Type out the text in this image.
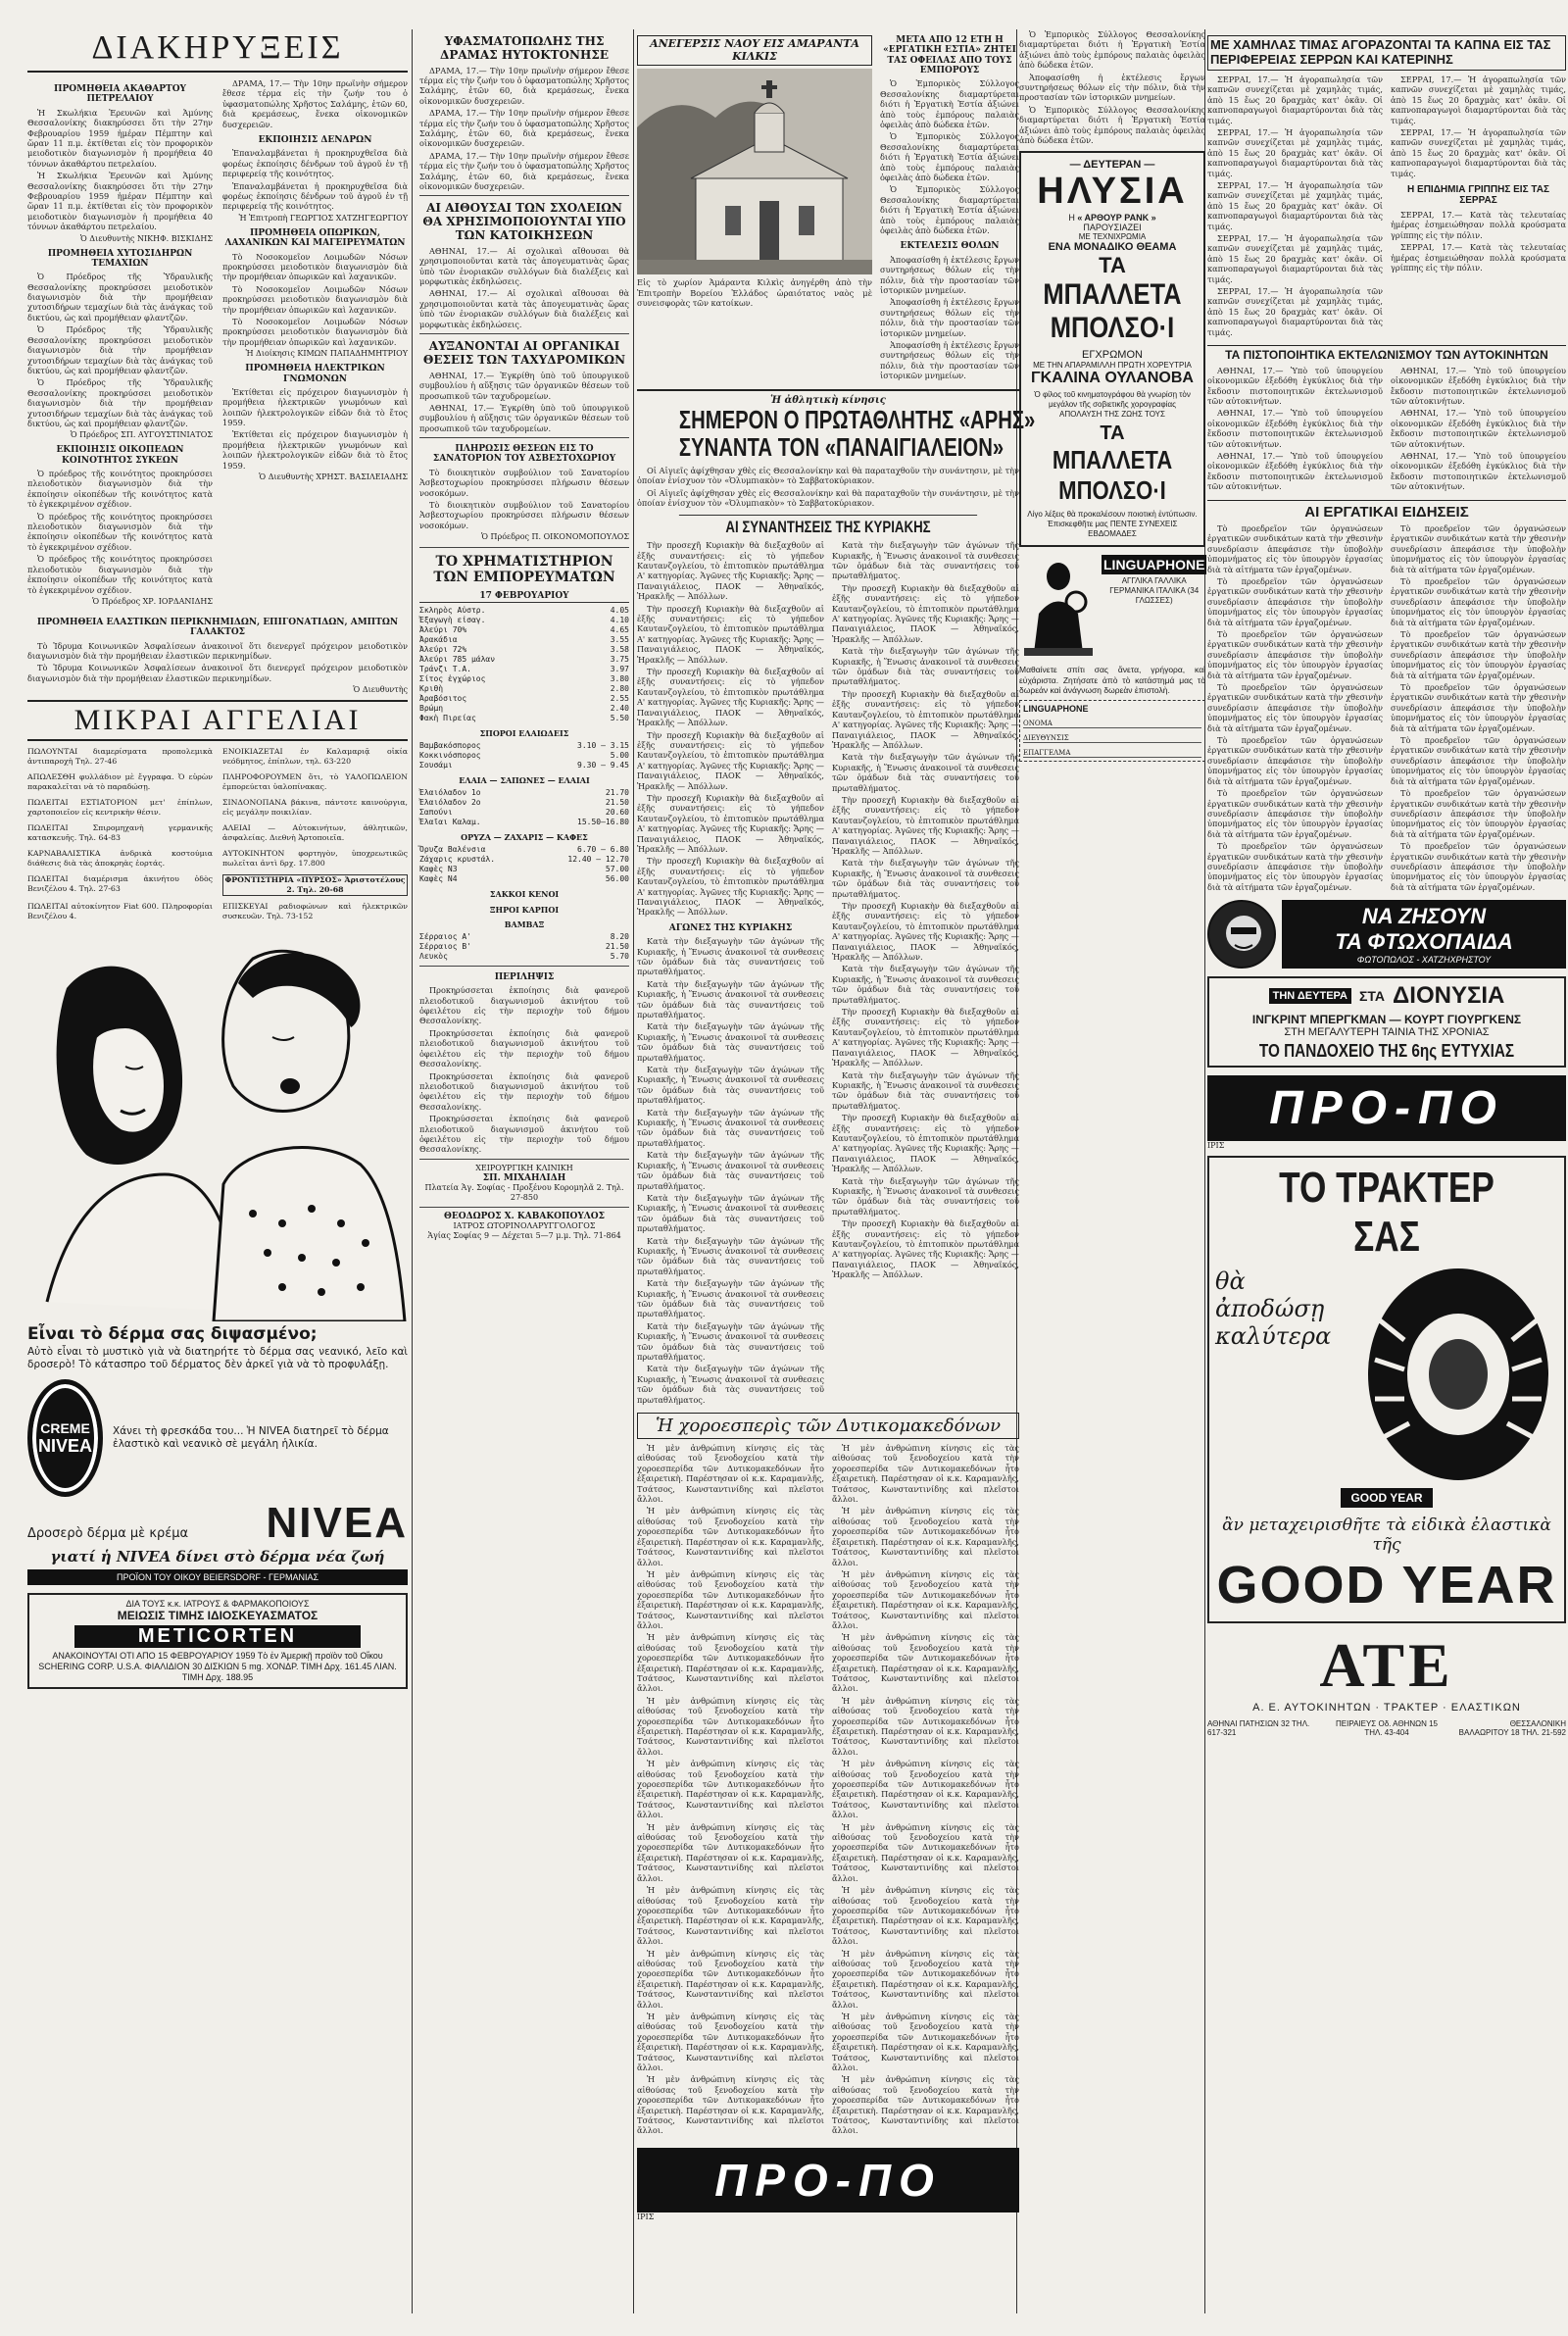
ΔΙΑΚΗΡΥΞΕΙΣ
ΠΡΟΜΗΘΕΙΑ ΑΚΑΘΑΡΤΟΥ ΠΕΤΡΕΛΑΙΟΥ

Ἡ Σκωλήκια Ἐρευνῶν καὶ Ἀμύνης Θεσσαλονίκης διακηρύσσει ὅτι τὴν 27ην Φεβρουαρίου 1959 ἡμέραν Πέμπτην καὶ ὥραν 11 π.μ. ἐκτίθεται εἰς τὸν προφορικὸν μειοδοτικὸν διαγωνισμὸν ἡ προμήθεια 40 τόννων ἀκαθάρτου πετρελαίου.

Ἡ Σκωλήκια Ἐρευνῶν καὶ Ἀμύνης Θεσσαλονίκης διακηρύσσει ὅτι τὴν 27ην Φεβρουαρίου 1959 ἡμέραν Πέμπτην καὶ ὥραν 11 π.μ. ἐκτίθεται εἰς τὸν προφορικὸν μειοδοτικὸν διαγωνισμὸν ἡ προμήθεια 40 τόννων ἀκαθάρτου πετρελαίου.

Ὁ Διευθυντὴς ΝΙΚΗΦ. ΒΙΣΚΙΔΗΣ
ΠΡΟΜΗΘΕΙΑ ΧΥΤΟΣΙΔΗΡΩΝ ΤΕΜΑΧΙΩΝ

Ὁ Πρόεδρος τῆς Ὑδραυλικῆς Θεσσαλονίκης προκηρύσσει μειοδοτικὸν διαγωνισμὸν διὰ τὴν προμήθειαν χυτοσιδήρων τεμαχίων διὰ τὰς ἀνάγκας τοῦ δικτύου, ὡς καὶ προμήθειαν φλαντζῶν.

Ὁ Πρόεδρος τῆς Ὑδραυλικῆς Θεσσαλονίκης προκηρύσσει μειοδοτικὸν διαγωνισμὸν διὰ τὴν προμήθειαν χυτοσιδήρων τεμαχίων διὰ τὰς ἀνάγκας τοῦ δικτύου, ὡς καὶ προμήθειαν φλαντζῶν.

Ὁ Πρόεδρος τῆς Ὑδραυλικῆς Θεσσαλονίκης προκηρύσσει μειοδοτικὸν διαγωνισμὸν διὰ τὴν προμήθειαν χυτοσιδήρων τεμαχίων διὰ τὰς ἀνάγκας τοῦ δικτύου, ὡς καὶ προμήθειαν φλαντζῶν.

Ὁ Πρόεδρος ΣΠ. ΑΥΓΟΥΣΤΙΝΙΑΤΟΣ
ΕΚΠΟΙΗΣΙΣ ΟΙΚΟΠΕΔΩΝ ΚΟΙΝΟΤΗΤΟΣ ΣΥΚΕΩΝ

Ὁ πρόεδρος τῆς κοινότητος προκηρύσσει πλειοδοτικὸν διαγωνισμὸν διὰ τὴν ἐκποίησιν οἰκοπέδων τῆς κοινότητος κατὰ τὸ ἐγκεκριμένον σχέδιον.

Ὁ πρόεδρος τῆς κοινότητος προκηρύσσει πλειοδοτικὸν διαγωνισμὸν διὰ τὴν ἐκποίησιν οἰκοπέδων τῆς κοινότητος κατὰ τὸ ἐγκεκριμένον σχέδιον.

Ὁ πρόεδρος τῆς κοινότητος προκηρύσσει πλειοδοτικὸν διαγωνισμὸν διὰ τὴν ἐκποίησιν οἰκοπέδων τῆς κοινότητος κατὰ τὸ ἐγκεκριμένον σχέδιον.

Ὁ Πρόεδρος ΧΡ. ΙΟΡΔΑΝΙΔΗΣ

ΔΡΑΜΑ, 17.— Τὴν 10ην πρωϊνὴν σήμερον ἔθεσε τέρμα εἰς τὴν ζωήν του ὁ ὑφασματοπώλης Χρῆστος Σαλάμης, ἐτῶν 60, διὰ κρεμάσεως, ἕνεκα οἰκονομικῶν δυσχερειῶν.

ΕΚΠΟΙΗΣΙΣ ΔΕΝΔΡΩΝ

Ἐπαναλαμβάνεται ἡ προκηρυχθεῖσα διὰ φορέως ἐκποίησις δένδρων τοῦ ἀγροῦ ἐν τῇ περιφερείᾳ τῆς κοινότητος.

Ἐπαναλαμβάνεται ἡ προκηρυχθεῖσα διὰ φορέως ἐκποίησις δένδρων τοῦ ἀγροῦ ἐν τῇ περιφερείᾳ τῆς κοινότητος.

Ἡ Ἐπιτροπὴ ΓΕΩΡΓΙΟΣ ΧΑΤΖΗΓΕΩΡΓΙΟΥ
ΠΡΟΜΗΘΕΙΑ ΟΠΩΡΙΚΩΝ, ΛΑΧΑΝΙΚΩΝ ΚΑΙ ΜΑΓΕΙΡΕΥΜΑΤΩΝ

Τὸ Νοσοκομεῖον Λοιμωδῶν Νόσων προκηρύσσει μειοδοτικὸν διαγωνισμὸν διὰ τὴν προμήθειαν ὀπωρικῶν καὶ λαχανικῶν.

Τὸ Νοσοκομεῖον Λοιμωδῶν Νόσων προκηρύσσει μειοδοτικὸν διαγωνισμὸν διὰ τὴν προμήθειαν ὀπωρικῶν καὶ λαχανικῶν.

Τὸ Νοσοκομεῖον Λοιμωδῶν Νόσων προκηρύσσει μειοδοτικὸν διαγωνισμὸν διὰ τὴν προμήθειαν ὀπωρικῶν καὶ λαχανικῶν.

Ἡ Διοίκησις ΚΙΜΩΝ ΠΑΠΑΔΗΜΗΤΡΙΟΥ
ΠΡΟΜΗΘΕΙΑ ΗΛΕΚΤΡΙΚΩΝ ΓΝΩΜΟΝΩΝ

Ἐκτίθεται εἰς πρόχειρον διαγωνισμὸν ἡ προμήθεια ἠλεκτρικῶν γνωμόνων καὶ λοιπῶν ἠλεκτρολογικῶν εἰδῶν διὰ τὸ ἔτος 1959.

Ἐκτίθεται εἰς πρόχειρον διαγωνισμὸν ἡ προμήθεια ἠλεκτρικῶν γνωμόνων καὶ λοιπῶν ἠλεκτρολογικῶν εἰδῶν διὰ τὸ ἔτος 1959.

Ὁ Διευθυντὴς ΧΡΗΣΤ. ΒΑΣΙΛΕΙΑΔΗΣ
ΠΡΟΜΗΘΕΙΑ ΕΛΑΣΤΙΚΩΝ ΠΕΡΙΚΝΗΜΙΔΩΝ, ΕΠΙΓΟΝΑΤΙΔΩΝ, ΑΜΠΤΩΝ ΓΑΛΑΚΤΟΣ

Τὸ Ἰδρυμα Κοινωνικῶν Ἀσφαλίσεων ἀνακοινοῖ ὅτι διενεργεῖ πρόχειρον μειοδοτικὸν διαγωνισμὸν διὰ τὴν προμήθειαν ἐλαστικῶν περικνημίδων.

Τὸ Ἰδρυμα Κοινωνικῶν Ἀσφαλίσεων ἀνακοινοῖ ὅτι διενεργεῖ πρόχειρον μειοδοτικὸν διαγωνισμὸν διὰ τὴν προμήθειαν ἐλαστικῶν περικνημίδων.

Ὁ Διευθυντὴς
ΜΙΚΡΑΙ ΑΓΓΕΛΙΑΙ
ΠΩΛΟΥΝΤΑΙ διαμερίσματα προπολεμικὰ ἀντιπαροχὴ Τηλ. 27-46
ΕΝΟΙΚΙΑΖΕΤΑΙ ἐν Καλαμαριᾷ οἰκία νεόδμητος, ἐπίπλων, τηλ. 63-220
ΑΠΩΛΕΣΘΗ φυλλάδιον μὲ ἔγγραφα. Ὁ εὑρὼν παρακαλεῖται νὰ τὸ παραδώσῃ.
ΠΛΗΡΟΦΟΡΟΥΜΕΝ ὅτι, τὸ ΥΑΛΟΠΩΛΕΙΟΝ ἐμπορεύεται ὑαλοπίνακας.
ΠΩΛΕΙΤΑΙ ΕΣΤΙΑΤΟΡΙΟΝ μετ' ἐπίπλων, χαρτοποιεῖον εἰς κεντρικὴν θέσιν.
ΣΙΝΔΟΝΟΠΑΝΑ βάκινα, πάντοτε καινούργια, εἰς μεγάλην ποικιλίαν.
ΠΩΛΕΙΤΑΙ Σπιρομηχανὴ γερμανικῆς κατασκευῆς. Τηλ. 64-83
ΑΛΕΙΑΙ — Αὐτοκινήτων, ἀθλητικῶν, ἀσφαλείας. Διεθνὴ Ἀρτοποιεῖα.
ΚΑΡΝΑΒΑΛΙΣΤΙΚΑ ἀνδρικὰ κοστούμια διάθεσις διὰ τὰς ἀποκρηὰς ἑορτάς.
ΑΥΤΟΚΙΝΗΤΟΝ φορτηγὸν, ὑποχρεωτικῶς πωλεῖται ἀντὶ δρχ. 17.800
ΠΩΛΕΙΤΑΙ διαμέρισμα ἀκινήτου ὁδὸς Βενιζέλου 4. Τηλ. 27-63
ΦΡΟΝΤΙΣΤΗΡΙΑ «ΠΥΡΣΟΣ» Ἀριστοτέλους 2. Τηλ. 20-68
ΠΩΛΕΙΤΑΙ αὐτοκίνητον Fiat 600. Πληροφορίαι Βενιζέλου 4.
ΕΠΙΣΚΕΥΑΙ ραδιοφώνων καὶ ἠλεκτρικῶν συσκευῶν. Τηλ. 73-152
Εἶναι τὸ δέρμα σας διψασμένο;
Αὐτὸ εἶναι τὸ μυστικὸ γιὰ νὰ διατηρήτε τὸ δέρμα σας νεανικό, λεῖο καὶ δροσερὸ! Τὸ κάτασπρο τοῦ δέρματος δὲν ἀρκεῖ γιὰ νὰ τὸ προφυλάξῃ.
CREME
NIVEA
Χάνει τὴ φρεσκάδα του... Ἡ NIVEA διατηρεῖ τὸ δέρμα ἐλαστικὸ καὶ νεανικὸ σὲ μεγάλη ἡλικία.
Δροσερὸ δέρμα μὲ κρέμα NIVEA
γιατί ἡ NIVEA δίνει στὸ δέρμα νέα ζωή
ΠΡΟΪΟΝ ΤΟΥ ΟΙΚΟΥ BEIERSDORF - ΓΕΡΜΑΝΙΑΣ
ΔΙΑ ΤΟΥΣ κ.κ. ΙΑΤΡΟΥΣ & ΦΑΡΜΑΚΟΠΟΙΟΥΣ
ΜΕΙΩΣΙΣ ΤΙΜΗΣ ΙΔΙΟΣΚΕΥΑΣΜΑΤΟΣ
METICORTEN
ΑΝΑΚΟΙΝΟΥΤΑΙ ΟΤΙ ΑΠΟ 15 ΦΕΒΡΟΥΑΡΙΟΥ 1959 Τὸ ἐν Ἀμερικῇ προϊὸν τοῦ Οἴκου SCHERING CORP. U.S.A. ΦΙΑΛΙΔΙΟΝ 30 ΔΙΣΚΙΩΝ 5 mg. ΧΟΝΔΡ. ΤΙΜΗ Δρχ. 161.45 ΛΙΑΝ. ΤΙΜΗ Δρχ. 188.95
ΥΦΑΣΜΑΤΟΠΩΛΗΣ ΤΗΣ ΔΡΑΜΑΣ ΗΥΤΟΚΤΟΝΗΣΕ

ΔΡΑΜΑ, 17.— Τὴν 10ην πρωϊνὴν σήμερον ἔθεσε τέρμα εἰς τὴν ζωήν του ὁ ὑφασματοπώλης Χρῆστος Σαλάμης, ἐτῶν 60, διὰ κρεμάσεως, ἕνεκα οἰκονομικῶν δυσχερειῶν.

ΔΡΑΜΑ, 17.— Τὴν 10ην πρωϊνὴν σήμερον ἔθεσε τέρμα εἰς τὴν ζωήν του ὁ ὑφασματοπώλης Χρῆστος Σαλάμης, ἐτῶν 60, διὰ κρεμάσεως, ἕνεκα οἰκονομικῶν δυσχερειῶν.

ΔΡΑΜΑ, 17.— Τὴν 10ην πρωϊνὴν σήμερον ἔθεσε τέρμα εἰς τὴν ζωήν του ὁ ὑφασματοπώλης Χρῆστος Σαλάμης, ἐτῶν 60, διὰ κρεμάσεως, ἕνεκα οἰκονομικῶν δυσχερειῶν.

ΑΙ ΑΙΘΟΥΣΑΙ ΤΩΝ ΣΧΟΛΕΙΩΝ ΘΑ ΧΡΗΣΙΜΟΠΟΙΟΥΝΤΑΙ ΥΠΟ ΤΩΝ ΚΑΤΟΙΚΗΣΕΩΝ

ΑΘΗΝΑΙ, 17.— Αἱ σχολικαὶ αἴθουσαι θὰ χρησιμοποιοῦνται κατὰ τὰς ἀπογευματινὰς ὥρας ὑπὸ τῶν ἐνοριακῶν συλλόγων διὰ διαλέξεις καὶ μορφωτικὰς ἐκδηλώσεις.

ΑΘΗΝΑΙ, 17.— Αἱ σχολικαὶ αἴθουσαι θὰ χρησιμοποιοῦνται κατὰ τὰς ἀπογευματινὰς ὥρας ὑπὸ τῶν ἐνοριακῶν συλλόγων διὰ διαλέξεις καὶ μορφωτικὰς ἐκδηλώσεις.

ΑΥΞΑΝΟΝΤΑΙ ΑΙ ΟΡΓΑΝΙΚΑΙ ΘΕΣΕΙΣ ΤΩΝ ΤΑΧΥΔΡΟΜΙΚΩΝ

ΑΘΗΝΑΙ, 17.— Ἐγκρίθη ὑπὸ τοῦ ὑπουργικοῦ συμβουλίου ἡ αὔξησις τῶν ὀργανικῶν θέσεων τοῦ προσωπικοῦ τῶν ταχυδρομείων.

ΑΘΗΝΑΙ, 17.— Ἐγκρίθη ὑπὸ τοῦ ὑπουργικοῦ συμβουλίου ἡ αὔξησις τῶν ὀργανικῶν θέσεων τοῦ προσωπικοῦ τῶν ταχυδρομείων.

ΠΛΗΡΩΣΙΣ ΘΕΣΕΩΝ ΕΙΣ ΤΟ ΣΑΝΑΤΟΡΙΟΝ ΤΟΥ ΑΣΒΕΣΤΟΧΩΡΙΟΥ

Τὸ διοικητικὸν συμβούλιον τοῦ Σανατορίου Ἀσβεστοχωρίου προκηρύσσει πλήρωσιν θέσεων νοσοκόμων.

Τὸ διοικητικὸν συμβούλιον τοῦ Σανατορίου Ἀσβεστοχωρίου προκηρύσσει πλήρωσιν θέσεων νοσοκόμων.

Ὁ Πρόεδρος Π. ΟΙΚΟΝΟΜΟΠΟΥΛΟΣ
ΤΟ ΧΡΗΜΑΤΙΣΤΗΡΙΟΝ ΤΩΝ ΕΜΠΟΡΕΥΜΑΤΩΝ
17 ΦΕΒΡΟΥΑΡΙΟΥ
Σκληρὸς Αὐστρ.	4.05
Ἐξαγωγὴ εἰσαγ.	4.10
Ἀλεύρι 70%	4.65
Ἀρακάδια	3.55
Ἀλεύρι 72%	3.58
Ἀλεύρι 785 μάλαν	3.75
Τράνζι Τ.Α.	3.97
Σίτος ἐγχώριος	3.80
Κριθὴ	2.80
Ἀραβόσιτος	2.55
Βρώμη	2.40
Φακὴ Πιρείας	5.50
ΣΠΟΡΟΙ ΕΛΑΙΩΔΕΙΣ
Βαμβακόσπορος	3.10 — 3.15
Κοκκινόσπορος	5.00
Σουσάμι	9.30 — 9.45
ΕΛΑΙΑ — ΣΑΠΩΝΕΣ — ΕΛΑΙΑΙ
Ἐλαιόλαδον 1ο	21.70
Ἐλαιόλαδον 2ο	21.50
Σαπούνι	20.60
Ἐλαῖαι Καλαμ.	15.50—16.80
ΟΡΥΖΑ — ΖΑΧΑΡΙΣ — ΚΑΦΕΣ
Ὄρυζα Βαλένσια	6.70 — 6.80
Ζάχαρις κρυστάλ.	12.40 — 12.70
Καφὲς Ν3	57.00
Καφὲς Ν4	56.00
ΣΑΚΚΟΙ ΚΕΝΟΙ
ΞΗΡΟΙ ΚΑΡΠΟΙ
ΒΑΜΒΑΞ
Σέρραιος Α'	8.20
Σέρραιος Β'	21.50
Λευκὸς	5.70
ΠΕΡΙΛΗΨΙΣ

Προκηρύσσεται ἐκποίησις διὰ φανεροῦ πλειοδοτικοῦ διαγωνισμοῦ ἀκινήτου τοῦ ὀφειλέτου εἰς τὴν περιοχὴν τοῦ δήμου Θεσσαλονίκης.

Προκηρύσσεται ἐκποίησις διὰ φανεροῦ πλειοδοτικοῦ διαγωνισμοῦ ἀκινήτου τοῦ ὀφειλέτου εἰς τὴν περιοχὴν τοῦ δήμου Θεσσαλονίκης.

Προκηρύσσεται ἐκποίησις διὰ φανεροῦ πλειοδοτικοῦ διαγωνισμοῦ ἀκινήτου τοῦ ὀφειλέτου εἰς τὴν περιοχὴν τοῦ δήμου Θεσσαλονίκης.

Προκηρύσσεται ἐκποίησις διὰ φανεροῦ πλειοδοτικοῦ διαγωνισμοῦ ἀκινήτου τοῦ ὀφειλέτου εἰς τὴν περιοχὴν τοῦ δήμου Θεσσαλονίκης.

ΧΕΙΡΟΥΡΓΙΚΗ ΚΛΙΝΙΚΗ
ΣΠ. ΜΙΧΑΗΛΙΔΗ
Πλατεία Ἁγ. Σοφίας - Προξένου Κορομηλᾶ 2. Τηλ. 27-850
ΘΕΟΔΩΡΟΣ Χ. ΚΑΒΑΚΟΠΟΥΛΟΣ
ΙΑΤΡΟΣ ΩΤΟΡΙΝΟΛΑΡΥΓΓΟΛΟΓΟΣ
Ἁγίας Σοφίας 9 — Δέχεται 5—7 μ.μ. Τηλ. 71-864
ΑΝΕΓΕΡΣΙΣ ΝΑΟΥ ΕΙΣ ΑΜΑΡΑΝΤΑ ΚΙΛΚΙΣ
Εἰς τὸ χωρίον Ἀμάραντα Κιλκὶς ἀνηγέρθη ἀπὸ τὴν Ἐπιτροπὴν Βορείου Ἑλλάδος ὡραιότατος ναὸς μὲ συνεισφορὰς τῶν κατοίκων.
ΜΕΤΑ ΑΠΟ 12 ΕΤΗ Η «ΕΡΓΑΤΙΚΗ ΕΣΤΙΑ» ΖΗΤΕΙ ΤΑΣ ΟΦΕΙΛΑΣ ΑΠΟ ΤΟΥΣ ΕΜΠΟΡΟΥΣ

Ὁ Ἐμπορικὸς Σύλλογος Θεσσαλονίκης διαμαρτύρεται διότι ἡ Ἐργατικὴ Ἑστία ἀξιώνει ἀπὸ τοὺς ἐμπόρους παλαιὰς ὀφειλὰς ἀπὸ δώδεκα ἐτῶν.

Ὁ Ἐμπορικὸς Σύλλογος Θεσσαλονίκης διαμαρτύρεται διότι ἡ Ἐργατικὴ Ἑστία ἀξιώνει ἀπὸ τοὺς ἐμπόρους παλαιὰς ὀφειλὰς ἀπὸ δώδεκα ἐτῶν.

Ὁ Ἐμπορικὸς Σύλλογος Θεσσαλονίκης διαμαρτύρεται διότι ἡ Ἐργατικὴ Ἑστία ἀξιώνει ἀπὸ τοὺς ἐμπόρους παλαιὰς ὀφειλὰς ἀπὸ δώδεκα ἐτῶν.

ΕΚΤΕΛΕΣΙΣ ΘΟΛΩΝ

Ἀποφασίσθη ἡ ἐκτέλεσις ἔργων συντηρήσεως θόλων εἰς τὴν πόλιν, διὰ τὴν προστασίαν τῶν ἱστορικῶν μνημείων.

Ἀποφασίσθη ἡ ἐκτέλεσις ἔργων συντηρήσεως θόλων εἰς τὴν πόλιν, διὰ τὴν προστασίαν τῶν ἱστορικῶν μνημείων.

Ἀποφασίσθη ἡ ἐκτέλεσις ἔργων συντηρήσεως θόλων εἰς τὴν πόλιν, διὰ τὴν προστασίαν τῶν ἱστορικῶν μνημείων.

Ἡ ἀθλητικὴ κίνησις
ΣΗΜΕΡΟΝ Ο ΠΡΩΤΑΘΛΗΤΗΣ «ΑΡΗΣ»
ΣΥΝΑΝΤΑ ΤΟΝ «ΠΑΝΑΙΓΙΑΛΕΙΟΝ»

Οἱ Αἰγιεῖς ἀφίχθησαν χθὲς εἰς Θεσσαλονίκην καὶ θὰ παραταχθοῦν τὴν συνάντησιν, μὲ τὴν ὁποίαν ἐνίσχυον τὸν «Ὀλυμπιακὸν» τὸ Σαββατοκύριακον.

Οἱ Αἰγιεῖς ἀφίχθησαν χθὲς εἰς Θεσσαλονίκην καὶ θὰ παραταχθοῦν τὴν συνάντησιν, μὲ τὴν ὁποίαν ἐνίσχυον τὸν «Ὀλυμπιακὸν» τὸ Σαββατοκύριακον.

ΑΙ ΣΥΝΑΝΤΗΣΕΙΣ ΤΗΣ ΚΥΡΙΑΚΗΣ

Τὴν προσεχῆ Κυριακὴν θὰ διεξαχθοῦν αἱ ἑξῆς συναντήσεις: εἰς τὸ γήπεδον Καυτανζογλείου, τὸ ἐπιτοπικὸν πρωτάθλημα Α' κατηγορίας. Ἀγῶνες τῆς Κυριακῆς: Ἄρης — Παναιγιάλειος, ΠΑΟΚ — Ἀθηναϊκός, Ἠρακλῆς — Ἀπόλλων.

Τὴν προσεχῆ Κυριακὴν θὰ διεξαχθοῦν αἱ ἑξῆς συναντήσεις: εἰς τὸ γήπεδον Καυτανζογλείου, τὸ ἐπιτοπικὸν πρωτάθλημα Α' κατηγορίας. Ἀγῶνες τῆς Κυριακῆς: Ἄρης — Παναιγιάλειος, ΠΑΟΚ — Ἀθηναϊκός, Ἠρακλῆς — Ἀπόλλων.

Τὴν προσεχῆ Κυριακὴν θὰ διεξαχθοῦν αἱ ἑξῆς συναντήσεις: εἰς τὸ γήπεδον Καυτανζογλείου, τὸ ἐπιτοπικὸν πρωτάθλημα Α' κατηγορίας. Ἀγῶνες τῆς Κυριακῆς: Ἄρης — Παναιγιάλειος, ΠΑΟΚ — Ἀθηναϊκός, Ἠρακλῆς — Ἀπόλλων.

Τὴν προσεχῆ Κυριακὴν θὰ διεξαχθοῦν αἱ ἑξῆς συναντήσεις: εἰς τὸ γήπεδον Καυτανζογλείου, τὸ ἐπιτοπικὸν πρωτάθλημα Α' κατηγορίας. Ἀγῶνες τῆς Κυριακῆς: Ἄρης — Παναιγιάλειος, ΠΑΟΚ — Ἀθηναϊκός, Ἠρακλῆς — Ἀπόλλων.

Τὴν προσεχῆ Κυριακὴν θὰ διεξαχθοῦν αἱ ἑξῆς συναντήσεις: εἰς τὸ γήπεδον Καυτανζογλείου, τὸ ἐπιτοπικὸν πρωτάθλημα Α' κατηγορίας. Ἀγῶνες τῆς Κυριακῆς: Ἄρης — Παναιγιάλειος, ΠΑΟΚ — Ἀθηναϊκός, Ἠρακλῆς — Ἀπόλλων.

Τὴν προσεχῆ Κυριακὴν θὰ διεξαχθοῦν αἱ ἑξῆς συναντήσεις: εἰς τὸ γήπεδον Καυτανζογλείου, τὸ ἐπιτοπικὸν πρωτάθλημα Α' κατηγορίας. Ἀγῶνες τῆς Κυριακῆς: Ἄρης — Παναιγιάλειος, ΠΑΟΚ — Ἀθηναϊκός, Ἠρακλῆς — Ἀπόλλων.

ΑΓΩΝΕΣ ΤΗΣ ΚΥΡΙΑΚΗΣ

Κατὰ τὴν διεξαγωγὴν τῶν ἀγώνων τῆς Κυριακῆς, ἡ Ἕνωσις ἀνακοινοῖ τὰ συνθεσεις τῶν ὁμάδων διὰ τὰς συναντήσεις τοῦ πρωταθλήματος.

Κατὰ τὴν διεξαγωγὴν τῶν ἀγώνων τῆς Κυριακῆς, ἡ Ἕνωσις ἀνακοινοῖ τὰ συνθεσεις τῶν ὁμάδων διὰ τὰς συναντήσεις τοῦ πρωταθλήματος.

Κατὰ τὴν διεξαγωγὴν τῶν ἀγώνων τῆς Κυριακῆς, ἡ Ἕνωσις ἀνακοινοῖ τὰ συνθεσεις τῶν ὁμάδων διὰ τὰς συναντήσεις τοῦ πρωταθλήματος.

Κατὰ τὴν διεξαγωγὴν τῶν ἀγώνων τῆς Κυριακῆς, ἡ Ἕνωσις ἀνακοινοῖ τὰ συνθεσεις τῶν ὁμάδων διὰ τὰς συναντήσεις τοῦ πρωταθλήματος.

Κατὰ τὴν διεξαγωγὴν τῶν ἀγώνων τῆς Κυριακῆς, ἡ Ἕνωσις ἀνακοινοῖ τὰ συνθεσεις τῶν ὁμάδων διὰ τὰς συναντήσεις τοῦ πρωταθλήματος.

Κατὰ τὴν διεξαγωγὴν τῶν ἀγώνων τῆς Κυριακῆς, ἡ Ἕνωσις ἀνακοινοῖ τὰ συνθεσεις τῶν ὁμάδων διὰ τὰς συναντήσεις τοῦ πρωταθλήματος.

Κατὰ τὴν διεξαγωγὴν τῶν ἀγώνων τῆς Κυριακῆς, ἡ Ἕνωσις ἀνακοινοῖ τὰ συνθεσεις τῶν ὁμάδων διὰ τὰς συναντήσεις τοῦ πρωταθλήματος.

Κατὰ τὴν διεξαγωγὴν τῶν ἀγώνων τῆς Κυριακῆς, ἡ Ἕνωσις ἀνακοινοῖ τὰ συνθεσεις τῶν ὁμάδων διὰ τὰς συναντήσεις τοῦ πρωταθλήματος.

Κατὰ τὴν διεξαγωγὴν τῶν ἀγώνων τῆς Κυριακῆς, ἡ Ἕνωσις ἀνακοινοῖ τὰ συνθεσεις τῶν ὁμάδων διὰ τὰς συναντήσεις τοῦ πρωταθλήματος.

Κατὰ τὴν διεξαγωγὴν τῶν ἀγώνων τῆς Κυριακῆς, ἡ Ἕνωσις ἀνακοινοῖ τὰ συνθεσεις τῶν ὁμάδων διὰ τὰς συναντήσεις τοῦ πρωταθλήματος.

Κατὰ τὴν διεξαγωγὴν τῶν ἀγώνων τῆς Κυριακῆς, ἡ Ἕνωσις ἀνακοινοῖ τὰ συνθεσεις τῶν ὁμάδων διὰ τὰς συναντήσεις τοῦ πρωταθλήματος.

Κατὰ τὴν διεξαγωγὴν τῶν ἀγώνων τῆς Κυριακῆς, ἡ Ἕνωσις ἀνακοινοῖ τὰ συνθεσεις τῶν ὁμάδων διὰ τὰς συναντήσεις τοῦ πρωταθλήματος.

Τὴν προσεχῆ Κυριακὴν θὰ διεξαχθοῦν αἱ ἑξῆς συναντήσεις: εἰς τὸ γήπεδον Καυτανζογλείου, τὸ ἐπιτοπικὸν πρωτάθλημα Α' κατηγορίας. Ἀγῶνες τῆς Κυριακῆς: Ἄρης — Παναιγιάλειος, ΠΑΟΚ — Ἀθηναϊκός, Ἠρακλῆς — Ἀπόλλων.

Κατὰ τὴν διεξαγωγὴν τῶν ἀγώνων τῆς Κυριακῆς, ἡ Ἕνωσις ἀνακοινοῖ τὰ συνθεσεις τῶν ὁμάδων διὰ τὰς συναντήσεις τοῦ πρωταθλήματος.

Τὴν προσεχῆ Κυριακὴν θὰ διεξαχθοῦν αἱ ἑξῆς συναντήσεις: εἰς τὸ γήπεδον Καυτανζογλείου, τὸ ἐπιτοπικὸν πρωτάθλημα Α' κατηγορίας. Ἀγῶνες τῆς Κυριακῆς: Ἄρης — Παναιγιάλειος, ΠΑΟΚ — Ἀθηναϊκός, Ἠρακλῆς — Ἀπόλλων.

Κατὰ τὴν διεξαγωγὴν τῶν ἀγώνων τῆς Κυριακῆς, ἡ Ἕνωσις ἀνακοινοῖ τὰ συνθεσεις τῶν ὁμάδων διὰ τὰς συναντήσεις τοῦ πρωταθλήματος.

Τὴν προσεχῆ Κυριακὴν θὰ διεξαχθοῦν αἱ ἑξῆς συναντήσεις: εἰς τὸ γήπεδον Καυτανζογλείου, τὸ ἐπιτοπικὸν πρωτάθλημα Α' κατηγορίας. Ἀγῶνες τῆς Κυριακῆς: Ἄρης — Παναιγιάλειος, ΠΑΟΚ — Ἀθηναϊκός, Ἠρακλῆς — Ἀπόλλων.

Κατὰ τὴν διεξαγωγὴν τῶν ἀγώνων τῆς Κυριακῆς, ἡ Ἕνωσις ἀνακοινοῖ τὰ συνθεσεις τῶν ὁμάδων διὰ τὰς συναντήσεις τοῦ πρωταθλήματος.

Τὴν προσεχῆ Κυριακὴν θὰ διεξαχθοῦν αἱ ἑξῆς συναντήσεις: εἰς τὸ γήπεδον Καυτανζογλείου, τὸ ἐπιτοπικὸν πρωτάθλημα Α' κατηγορίας. Ἀγῶνες τῆς Κυριακῆς: Ἄρης — Παναιγιάλειος, ΠΑΟΚ — Ἀθηναϊκός, Ἠρακλῆς — Ἀπόλλων.

Κατὰ τὴν διεξαγωγὴν τῶν ἀγώνων τῆς Κυριακῆς, ἡ Ἕνωσις ἀνακοινοῖ τὰ συνθεσεις τῶν ὁμάδων διὰ τὰς συναντήσεις τοῦ πρωταθλήματος.

Τὴν προσεχῆ Κυριακὴν θὰ διεξαχθοῦν αἱ ἑξῆς συναντήσεις: εἰς τὸ γήπεδον Καυτανζογλείου, τὸ ἐπιτοπικὸν πρωτάθλημα Α' κατηγορίας. Ἀγῶνες τῆς Κυριακῆς: Ἄρης — Παναιγιάλειος, ΠΑΟΚ — Ἀθηναϊκός, Ἠρακλῆς — Ἀπόλλων.

Κατὰ τὴν διεξαγωγὴν τῶν ἀγώνων τῆς Κυριακῆς, ἡ Ἕνωσις ἀνακοινοῖ τὰ συνθεσεις τῶν ὁμάδων διὰ τὰς συναντήσεις τοῦ πρωταθλήματος.

Τὴν προσεχῆ Κυριακὴν θὰ διεξαχθοῦν αἱ ἑξῆς συναντήσεις: εἰς τὸ γήπεδον Καυτανζογλείου, τὸ ἐπιτοπικὸν πρωτάθλημα Α' κατηγορίας. Ἀγῶνες τῆς Κυριακῆς: Ἄρης — Παναιγιάλειος, ΠΑΟΚ — Ἀθηναϊκός, Ἠρακλῆς — Ἀπόλλων.

Κατὰ τὴν διεξαγωγὴν τῶν ἀγώνων τῆς Κυριακῆς, ἡ Ἕνωσις ἀνακοινοῖ τὰ συνθεσεις τῶν ὁμάδων διὰ τὰς συναντήσεις τοῦ πρωταθλήματος.

Τὴν προσεχῆ Κυριακὴν θὰ διεξαχθοῦν αἱ ἑξῆς συναντήσεις: εἰς τὸ γήπεδον Καυτανζογλείου, τὸ ἐπιτοπικὸν πρωτάθλημα Α' κατηγορίας. Ἀγῶνες τῆς Κυριακῆς: Ἄρης — Παναιγιάλειος, ΠΑΟΚ — Ἀθηναϊκός, Ἠρακλῆς — Ἀπόλλων.

Ἡ χοροεσπερὶς τῶν Δυτικομακεδόνων

Ἡ μὲν ἀνθρώπινη κίνησις εἰς τὰς αἰθούσας τοῦ ξενοδοχείου κατὰ τὴν χοροεσπερίδα τῶν Δυτικομακεδόνων ἦτο ἐξαιρετικὴ. Παρέστησαν οἱ κ.κ. Καραμανλῆς, Τσάτσος, Κωνσταντινίδης καὶ πλεῖστοι ἄλλοι.

Ἡ μὲν ἀνθρώπινη κίνησις εἰς τὰς αἰθούσας τοῦ ξενοδοχείου κατὰ τὴν χοροεσπερίδα τῶν Δυτικομακεδόνων ἦτο ἐξαιρετικὴ. Παρέστησαν οἱ κ.κ. Καραμανλῆς, Τσάτσος, Κωνσταντινίδης καὶ πλεῖστοι ἄλλοι.

Ἡ μὲν ἀνθρώπινη κίνησις εἰς τὰς αἰθούσας τοῦ ξενοδοχείου κατὰ τὴν χοροεσπερίδα τῶν Δυτικομακεδόνων ἦτο ἐξαιρετικὴ. Παρέστησαν οἱ κ.κ. Καραμανλῆς, Τσάτσος, Κωνσταντινίδης καὶ πλεῖστοι ἄλλοι.

Ἡ μὲν ἀνθρώπινη κίνησις εἰς τὰς αἰθούσας τοῦ ξενοδοχείου κατὰ τὴν χοροεσπερίδα τῶν Δυτικομακεδόνων ἦτο ἐξαιρετικὴ. Παρέστησαν οἱ κ.κ. Καραμανλῆς, Τσάτσος, Κωνσταντινίδης καὶ πλεῖστοι ἄλλοι.

Ἡ μὲν ἀνθρώπινη κίνησις εἰς τὰς αἰθούσας τοῦ ξενοδοχείου κατὰ τὴν χοροεσπερίδα τῶν Δυτικομακεδόνων ἦτο ἐξαιρετικὴ. Παρέστησαν οἱ κ.κ. Καραμανλῆς, Τσάτσος, Κωνσταντινίδης καὶ πλεῖστοι ἄλλοι.

Ἡ μὲν ἀνθρώπινη κίνησις εἰς τὰς αἰθούσας τοῦ ξενοδοχείου κατὰ τὴν χοροεσπερίδα τῶν Δυτικομακεδόνων ἦτο ἐξαιρετικὴ. Παρέστησαν οἱ κ.κ. Καραμανλῆς, Τσάτσος, Κωνσταντινίδης καὶ πλεῖστοι ἄλλοι.

Ἡ μὲν ἀνθρώπινη κίνησις εἰς τὰς αἰθούσας τοῦ ξενοδοχείου κατὰ τὴν χοροεσπερίδα τῶν Δυτικομακεδόνων ἦτο ἐξαιρετικὴ. Παρέστησαν οἱ κ.κ. Καραμανλῆς, Τσάτσος, Κωνσταντινίδης καὶ πλεῖστοι ἄλλοι.

Ἡ μὲν ἀνθρώπινη κίνησις εἰς τὰς αἰθούσας τοῦ ξενοδοχείου κατὰ τὴν χοροεσπερίδα τῶν Δυτικομακεδόνων ἦτο ἐξαιρετικὴ. Παρέστησαν οἱ κ.κ. Καραμανλῆς, Τσάτσος, Κωνσταντινίδης καὶ πλεῖστοι ἄλλοι.

Ἡ μὲν ἀνθρώπινη κίνησις εἰς τὰς αἰθούσας τοῦ ξενοδοχείου κατὰ τὴν χοροεσπερίδα τῶν Δυτικομακεδόνων ἦτο ἐξαιρετικὴ. Παρέστησαν οἱ κ.κ. Καραμανλῆς, Τσάτσος, Κωνσταντινίδης καὶ πλεῖστοι ἄλλοι.

Ἡ μὲν ἀνθρώπινη κίνησις εἰς τὰς αἰθούσας τοῦ ξενοδοχείου κατὰ τὴν χοροεσπερίδα τῶν Δυτικομακεδόνων ἦτο ἐξαιρετικὴ. Παρέστησαν οἱ κ.κ. Καραμανλῆς, Τσάτσος, Κωνσταντινίδης καὶ πλεῖστοι ἄλλοι.

Ἡ μὲν ἀνθρώπινη κίνησις εἰς τὰς αἰθούσας τοῦ ξενοδοχείου κατὰ τὴν χοροεσπερίδα τῶν Δυτικομακεδόνων ἦτο ἐξαιρετικὴ. Παρέστησαν οἱ κ.κ. Καραμανλῆς, Τσάτσος, Κωνσταντινίδης καὶ πλεῖστοι ἄλλοι.

Ἡ μὲν ἀνθρώπινη κίνησις εἰς τὰς αἰθούσας τοῦ ξενοδοχείου κατὰ τὴν χοροεσπερίδα τῶν Δυτικομακεδόνων ἦτο ἐξαιρετικὴ. Παρέστησαν οἱ κ.κ. Καραμανλῆς, Τσάτσος, Κωνσταντινίδης καὶ πλεῖστοι ἄλλοι.

Ἡ μὲν ἀνθρώπινη κίνησις εἰς τὰς αἰθούσας τοῦ ξενοδοχείου κατὰ τὴν χοροεσπερίδα τῶν Δυτικομακεδόνων ἦτο ἐξαιρετικὴ. Παρέστησαν οἱ κ.κ. Καραμανλῆς, Τσάτσος, Κωνσταντινίδης καὶ πλεῖστοι ἄλλοι.

Ἡ μὲν ἀνθρώπινη κίνησις εἰς τὰς αἰθούσας τοῦ ξενοδοχείου κατὰ τὴν χοροεσπερίδα τῶν Δυτικομακεδόνων ἦτο ἐξαιρετικὴ. Παρέστησαν οἱ κ.κ. Καραμανλῆς, Τσάτσος, Κωνσταντινίδης καὶ πλεῖστοι ἄλλοι.

Ἡ μὲν ἀνθρώπινη κίνησις εἰς τὰς αἰθούσας τοῦ ξενοδοχείου κατὰ τὴν χοροεσπερίδα τῶν Δυτικομακεδόνων ἦτο ἐξαιρετικὴ. Παρέστησαν οἱ κ.κ. Καραμανλῆς, Τσάτσος, Κωνσταντινίδης καὶ πλεῖστοι ἄλλοι.

Ἡ μὲν ἀνθρώπινη κίνησις εἰς τὰς αἰθούσας τοῦ ξενοδοχείου κατὰ τὴν χοροεσπερίδα τῶν Δυτικομακεδόνων ἦτο ἐξαιρετικὴ. Παρέστησαν οἱ κ.κ. Καραμανλῆς, Τσάτσος, Κωνσταντινίδης καὶ πλεῖστοι ἄλλοι.

Ἡ μὲν ἀνθρώπινη κίνησις εἰς τὰς αἰθούσας τοῦ ξενοδοχείου κατὰ τὴν χοροεσπερίδα τῶν Δυτικομακεδόνων ἦτο ἐξαιρετικὴ. Παρέστησαν οἱ κ.κ. Καραμανλῆς, Τσάτσος, Κωνσταντινίδης καὶ πλεῖστοι ἄλλοι.

Ἡ μὲν ἀνθρώπινη κίνησις εἰς τὰς αἰθούσας τοῦ ξενοδοχείου κατὰ τὴν χοροεσπερίδα τῶν Δυτικομακεδόνων ἦτο ἐξαιρετικὴ. Παρέστησαν οἱ κ.κ. Καραμανλῆς, Τσάτσος, Κωνσταντινίδης καὶ πλεῖστοι ἄλλοι.

Ἡ μὲν ἀνθρώπινη κίνησις εἰς τὰς αἰθούσας τοῦ ξενοδοχείου κατὰ τὴν χοροεσπερίδα τῶν Δυτικομακεδόνων ἦτο ἐξαιρετικὴ. Παρέστησαν οἱ κ.κ. Καραμανλῆς, Τσάτσος, Κωνσταντινίδης καὶ πλεῖστοι ἄλλοι.

Ἡ μὲν ἀνθρώπινη κίνησις εἰς τὰς αἰθούσας τοῦ ξενοδοχείου κατὰ τὴν χοροεσπερίδα τῶν Δυτικομακεδόνων ἦτο ἐξαιρετικὴ. Παρέστησαν οἱ κ.κ. Καραμανλῆς, Τσάτσος, Κωνσταντινίδης καὶ πλεῖστοι ἄλλοι.

Ἡ μὲν ἀνθρώπινη κίνησις εἰς τὰς αἰθούσας τοῦ ξενοδοχείου κατὰ τὴν χοροεσπερίδα τῶν Δυτικομακεδόνων ἦτο ἐξαιρετικὴ. Παρέστησαν οἱ κ.κ. Καραμανλῆς, Τσάτσος, Κωνσταντινίδης καὶ πλεῖστοι ἄλλοι.

Ἡ μὲν ἀνθρώπινη κίνησις εἰς τὰς αἰθούσας τοῦ ξενοδοχείου κατὰ τὴν χοροεσπερίδα τῶν Δυτικομακεδόνων ἦτο ἐξαιρετικὴ. Παρέστησαν οἱ κ.κ. Καραμανλῆς, Τσάτσος, Κωνσταντινίδης καὶ πλεῖστοι ἄλλοι.

ΠΡΟ-ΠΟ
ΙΡΙΣ

Ὁ Ἐμπορικὸς Σύλλογος Θεσσαλονίκης διαμαρτύρεται διότι ἡ Ἐργατικὴ Ἑστία ἀξιώνει ἀπὸ τοὺς ἐμπόρους παλαιὰς ὀφειλὰς ἀπὸ δώδεκα ἐτῶν.

Ἀποφασίσθη ἡ ἐκτέλεσις ἔργων συντηρήσεως θόλων εἰς τὴν πόλιν, διὰ τὴν προστασίαν τῶν ἱστορικῶν μνημείων.

Ὁ Ἐμπορικὸς Σύλλογος Θεσσαλονίκης διαμαρτύρεται διότι ἡ Ἐργατικὴ Ἑστία ἀξιώνει ἀπὸ τοὺς ἐμπόρους παλαιὰς ὀφειλὰς ἀπὸ δώδεκα ἐτῶν.

— ΔΕΥΤΕΡΑΝ —
ΗΛΥΣΙΑ
Η « ΑΡΘΟΥΡ ΡΑΝΚ »
ΠΑΡΟΥΣΙΑΖΕΙ
ΜΕ ΤΕΧΝΙΧΡΩΜΙΑ
ΕΝΑ ΜΟΝΑΔΙΚΟ ΘΕΑΜΑ
ΤΑ
ΜΠΑΛΛΕΤΑ
ΜΠΟΛΣΟ·Ι
ΕΓΧΡΩΜΟΝ
ΜΕ ΤΗΝ ΑΠΑΡΑΜΙΛΛΗ ΠΡΩΤΗ ΧΟΡΕΥΤΡΙΑ
ΓΚΑΛΙΝΑ ΟΥΛΑΝΟΒΑ
Ὁ φίλος τοῦ κινηματογράφου θὰ γνωρίσῃ τὸν μεγάλον τῆς σοβιετικῆς χορογραφίας ΑΠΟΛΑΥΣΗ ΤΗΣ ΖΩΗΣ ΤΟΥΣ
ΤΑ
ΜΠΑΛΛΕΤΑ
ΜΠΟΛΣΟ·Ι
Λίγο λέξεις θὰ προκαλέσουν ποιοτικὴ ἐντύπωσιν. Ἐπισκεφθῆτε μας ΠΕΝΤΕ ΣΥΝΕΧΕΙΣ ΕΒΔΟΜΑΔΕΣ
LINGUAPHONE
ΑΓΓΛΙΚΑ ΓΑΛΛΙΚΑ ΓΕΡΜΑΝΙΚΑ ΙΤΑΛΙΚΑ (34 ΓΛΩΣΣΕΣ)
Μαθαίνετε σπίτι σας ἄνετα, γρήγορα, καὶ εὐχάριστα. Ζητήσατε ἀπὸ τὸ κατάστημά μας τὸ δωρεάν καὶ ἀνάγνωση δωρεὰν ἐπιστολὴ.
LINGUAPHONE
ΟΝΟΜΑ
ΔΙΕΥΘΥΝΣΙΣ
ΕΠΑΓΓΕΛΜΑ
ΜΕ ΧΑΜΗΛΑΣ ΤΙΜΑΣ ΑΓΟΡΑΖΟΝΤΑΙ ΤΑ ΚΑΠΝΑ ΕΙΣ ΤΑΣ ΠΕΡΙΦΕΡΕΙΑΣ ΣΕΡΡΩΝ ΚΑΙ ΚΑΤΕΡΙΝΗΣ

ΣΕΡΡΑΙ, 17.— Ἡ ἀγοραπωλησία τῶν καπνῶν συνεχίζεται μὲ χαμηλὰς τιμάς, ἀπὸ 15 ἕως 20 δραχμὰς κατ' ὀκᾶν. Οἱ καπνοπαραγωγοὶ διαμαρτύρονται διὰ τὰς τιμάς.

ΣΕΡΡΑΙ, 17.— Ἡ ἀγοραπωλησία τῶν καπνῶν συνεχίζεται μὲ χαμηλὰς τιμάς, ἀπὸ 15 ἕως 20 δραχμὰς κατ' ὀκᾶν. Οἱ καπνοπαραγωγοὶ διαμαρτύρονται διὰ τὰς τιμάς.

ΣΕΡΡΑΙ, 17.— Ἡ ἀγοραπωλησία τῶν καπνῶν συνεχίζεται μὲ χαμηλὰς τιμάς, ἀπὸ 15 ἕως 20 δραχμὰς κατ' ὀκᾶν. Οἱ καπνοπαραγωγοὶ διαμαρτύρονται διὰ τὰς τιμάς.

ΣΕΡΡΑΙ, 17.— Ἡ ἀγοραπωλησία τῶν καπνῶν συνεχίζεται μὲ χαμηλὰς τιμάς, ἀπὸ 15 ἕως 20 δραχμὰς κατ' ὀκᾶν. Οἱ καπνοπαραγωγοὶ διαμαρτύρονται διὰ τὰς τιμάς.

ΣΕΡΡΑΙ, 17.— Ἡ ἀγοραπωλησία τῶν καπνῶν συνεχίζεται μὲ χαμηλὰς τιμάς, ἀπὸ 15 ἕως 20 δραχμὰς κατ' ὀκᾶν. Οἱ καπνοπαραγωγοὶ διαμαρτύρονται διὰ τὰς τιμάς.

ΣΕΡΡΑΙ, 17.— Ἡ ἀγοραπωλησία τῶν καπνῶν συνεχίζεται μὲ χαμηλὰς τιμάς, ἀπὸ 15 ἕως 20 δραχμὰς κατ' ὀκᾶν. Οἱ καπνοπαραγωγοὶ διαμαρτύρονται διὰ τὰς τιμάς.

ΣΕΡΡΑΙ, 17.— Ἡ ἀγοραπωλησία τῶν καπνῶν συνεχίζεται μὲ χαμηλὰς τιμάς, ἀπὸ 15 ἕως 20 δραχμὰς κατ' ὀκᾶν. Οἱ καπνοπαραγωγοὶ διαμαρτύρονται διὰ τὰς τιμάς.

Η ΕΠΙΔΗΜΙΑ ΓΡΙΠΠΗΣ ΕΙΣ ΤΑΣ ΣΕΡΡΑΣ

ΣΕΡΡΑΙ, 17.— Κατὰ τὰς τελευταίας ἡμέρας ἐσημειώθησαν πολλὰ κρούσματα γρίππης εἰς τὴν πόλιν.

ΣΕΡΡΑΙ, 17.— Κατὰ τὰς τελευταίας ἡμέρας ἐσημειώθησαν πολλὰ κρούσματα γρίππης εἰς τὴν πόλιν.

ΤΑ ΠΙΣΤΟΠΟΙΗΤΙΚΑ ΕΚΤΕΛΩΝΙΣΜΟΥ ΤΩΝ ΑΥΤΟΚΙΝΗΤΩΝ

ΑΘΗΝΑΙ, 17.— Ὑπὸ τοῦ ὑπουργείου οἰκονομικῶν ἐξεδόθη ἐγκύκλιος διὰ τὴν ἔκδοσιν πιστοποιητικῶν ἐκτελωνισμοῦ τῶν αὐτοκινήτων.

ΑΘΗΝΑΙ, 17.— Ὑπὸ τοῦ ὑπουργείου οἰκονομικῶν ἐξεδόθη ἐγκύκλιος διὰ τὴν ἔκδοσιν πιστοποιητικῶν ἐκτελωνισμοῦ τῶν αὐτοκινήτων.

ΑΘΗΝΑΙ, 17.— Ὑπὸ τοῦ ὑπουργείου οἰκονομικῶν ἐξεδόθη ἐγκύκλιος διὰ τὴν ἔκδοσιν πιστοποιητικῶν ἐκτελωνισμοῦ τῶν αὐτοκινήτων.

ΑΘΗΝΑΙ, 17.— Ὑπὸ τοῦ ὑπουργείου οἰκονομικῶν ἐξεδόθη ἐγκύκλιος διὰ τὴν ἔκδοσιν πιστοποιητικῶν ἐκτελωνισμοῦ τῶν αὐτοκινήτων.

ΑΘΗΝΑΙ, 17.— Ὑπὸ τοῦ ὑπουργείου οἰκονομικῶν ἐξεδόθη ἐγκύκλιος διὰ τὴν ἔκδοσιν πιστοποιητικῶν ἐκτελωνισμοῦ τῶν αὐτοκινήτων.

ΑΘΗΝΑΙ, 17.— Ὑπὸ τοῦ ὑπουργείου οἰκονομικῶν ἐξεδόθη ἐγκύκλιος διὰ τὴν ἔκδοσιν πιστοποιητικῶν ἐκτελωνισμοῦ τῶν αὐτοκινήτων.

ΑΙ ΕΡΓΑΤΙΚΑΙ ΕΙΔΗΣΕΙΣ

Τὸ προεδρεῖον τῶν ὀργανώσεων ἐργατικῶν συνδικάτων κατὰ τὴν χθεσινὴν συνεδρίασιν ἀπεφάσισε τὴν ὑποβολὴν ὑπομνήματος εἰς τὸν ὑπουργὸν ἐργασίας διὰ τὰ αἰτήματα τῶν ἐργαζομένων.

Τὸ προεδρεῖον τῶν ὀργανώσεων ἐργατικῶν συνδικάτων κατὰ τὴν χθεσινὴν συνεδρίασιν ἀπεφάσισε τὴν ὑποβολὴν ὑπομνήματος εἰς τὸν ὑπουργὸν ἐργασίας διὰ τὰ αἰτήματα τῶν ἐργαζομένων.

Τὸ προεδρεῖον τῶν ὀργανώσεων ἐργατικῶν συνδικάτων κατὰ τὴν χθεσινὴν συνεδρίασιν ἀπεφάσισε τὴν ὑποβολὴν ὑπομνήματος εἰς τὸν ὑπουργὸν ἐργασίας διὰ τὰ αἰτήματα τῶν ἐργαζομένων.

Τὸ προεδρεῖον τῶν ὀργανώσεων ἐργατικῶν συνδικάτων κατὰ τὴν χθεσινὴν συνεδρίασιν ἀπεφάσισε τὴν ὑποβολὴν ὑπομνήματος εἰς τὸν ὑπουργὸν ἐργασίας διὰ τὰ αἰτήματα τῶν ἐργαζομένων.

Τὸ προεδρεῖον τῶν ὀργανώσεων ἐργατικῶν συνδικάτων κατὰ τὴν χθεσινὴν συνεδρίασιν ἀπεφάσισε τὴν ὑποβολὴν ὑπομνήματος εἰς τὸν ὑπουργὸν ἐργασίας διὰ τὰ αἰτήματα τῶν ἐργαζομένων.

Τὸ προεδρεῖον τῶν ὀργανώσεων ἐργατικῶν συνδικάτων κατὰ τὴν χθεσινὴν συνεδρίασιν ἀπεφάσισε τὴν ὑποβολὴν ὑπομνήματος εἰς τὸν ὑπουργὸν ἐργασίας διὰ τὰ αἰτήματα τῶν ἐργαζομένων.

Τὸ προεδρεῖον τῶν ὀργανώσεων ἐργατικῶν συνδικάτων κατὰ τὴν χθεσινὴν συνεδρίασιν ἀπεφάσισε τὴν ὑποβολὴν ὑπομνήματος εἰς τὸν ὑπουργὸν ἐργασίας διὰ τὰ αἰτήματα τῶν ἐργαζομένων.

Τὸ προεδρεῖον τῶν ὀργανώσεων ἐργατικῶν συνδικάτων κατὰ τὴν χθεσινὴν συνεδρίασιν ἀπεφάσισε τὴν ὑποβολὴν ὑπομνήματος εἰς τὸν ὑπουργὸν ἐργασίας διὰ τὰ αἰτήματα τῶν ἐργαζομένων.

Τὸ προεδρεῖον τῶν ὀργανώσεων ἐργατικῶν συνδικάτων κατὰ τὴν χθεσινὴν συνεδρίασιν ἀπεφάσισε τὴν ὑποβολὴν ὑπομνήματος εἰς τὸν ὑπουργὸν ἐργασίας διὰ τὰ αἰτήματα τῶν ἐργαζομένων.

Τὸ προεδρεῖον τῶν ὀργανώσεων ἐργατικῶν συνδικάτων κατὰ τὴν χθεσινὴν συνεδρίασιν ἀπεφάσισε τὴν ὑποβολὴν ὑπομνήματος εἰς τὸν ὑπουργὸν ἐργασίας διὰ τὰ αἰτήματα τῶν ἐργαζομένων.

Τὸ προεδρεῖον τῶν ὀργανώσεων ἐργατικῶν συνδικάτων κατὰ τὴν χθεσινὴν συνεδρίασιν ἀπεφάσισε τὴν ὑποβολὴν ὑπομνήματος εἰς τὸν ὑπουργὸν ἐργασίας διὰ τὰ αἰτήματα τῶν ἐργαζομένων.

Τὸ προεδρεῖον τῶν ὀργανώσεων ἐργατικῶν συνδικάτων κατὰ τὴν χθεσινὴν συνεδρίασιν ἀπεφάσισε τὴν ὑποβολὴν ὑπομνήματος εἰς τὸν ὑπουργὸν ἐργασίας διὰ τὰ αἰτήματα τῶν ἐργαζομένων.

Τὸ προεδρεῖον τῶν ὀργανώσεων ἐργατικῶν συνδικάτων κατὰ τὴν χθεσινὴν συνεδρίασιν ἀπεφάσισε τὴν ὑποβολὴν ὑπομνήματος εἰς τὸν ὑπουργὸν ἐργασίας διὰ τὰ αἰτήματα τῶν ἐργαζομένων.

Τὸ προεδρεῖον τῶν ὀργανώσεων ἐργατικῶν συνδικάτων κατὰ τὴν χθεσινὴν συνεδρίασιν ἀπεφάσισε τὴν ὑποβολὴν ὑπομνήματος εἰς τὸν ὑπουργὸν ἐργασίας διὰ τὰ αἰτήματα τῶν ἐργαζομένων.

ΝΑ ΖΗΣΟΥΝ
ΤΑ ΦΤΩΧΟΠΑΙΔΑ
ΦΩΤΟΠΩΛΟΣ - ΧΑΤΖΗΧΡΗΣΤΟΥ
ΤΗΝ ΔΕΥΤΕΡΑ ΣΤΑ ΔΙΟΝΥΣΙΑ
ΙΝΓΚΡΙΝΤ ΜΠΕΡΓΚΜΑΝ — ΚΟΥΡΤ ΓΙΟΥΡΓΚΕΝΣ
ΣΤΗ ΜΕΓΑΛΥΤΕΡΗ ΤΑΙΝΙΑ ΤΗΣ ΧΡΟΝΙΑΣ
ΤΟ ΠΑΝΔΟΧΕΙΟ ΤΗΣ 6ης ΕΥΤΥΧΙΑΣ
ΠΡΟ-ΠΟ
ΙΡΙΣ
ΤΟ ΤΡΑΚΤΕΡ ΣΑΣ
θὰ ἀποδώσῃ
καλύτερα
GOOD YEAR
ἂν μεταχειρισθῆτε τὰ εἰδικὰ ἐλαστικὰ τῆς
GOOD YEAR
ΑΤΕ
Α. Ε. ΑΥΤΟΚΙΝΗΤΩΝ · ΤΡΑΚΤΕΡ · ΕΛΑΣΤΙΚΩΝ
ΑΘΗΝΑΙ ΠΑΤΗΣΙΩΝ 32 ΤΗΛ. 617-321
ΠΕΙΡΑΙΕΥΣ Οδ. ΑΘΗΝΩΝ 15 ΤΗΛ. 43-404
ΘΕΣΣΑΛΟΝΙΚΗ ΒΑΛΑΩΡΙΤΟΥ 18 ΤΗΛ. 21-592
